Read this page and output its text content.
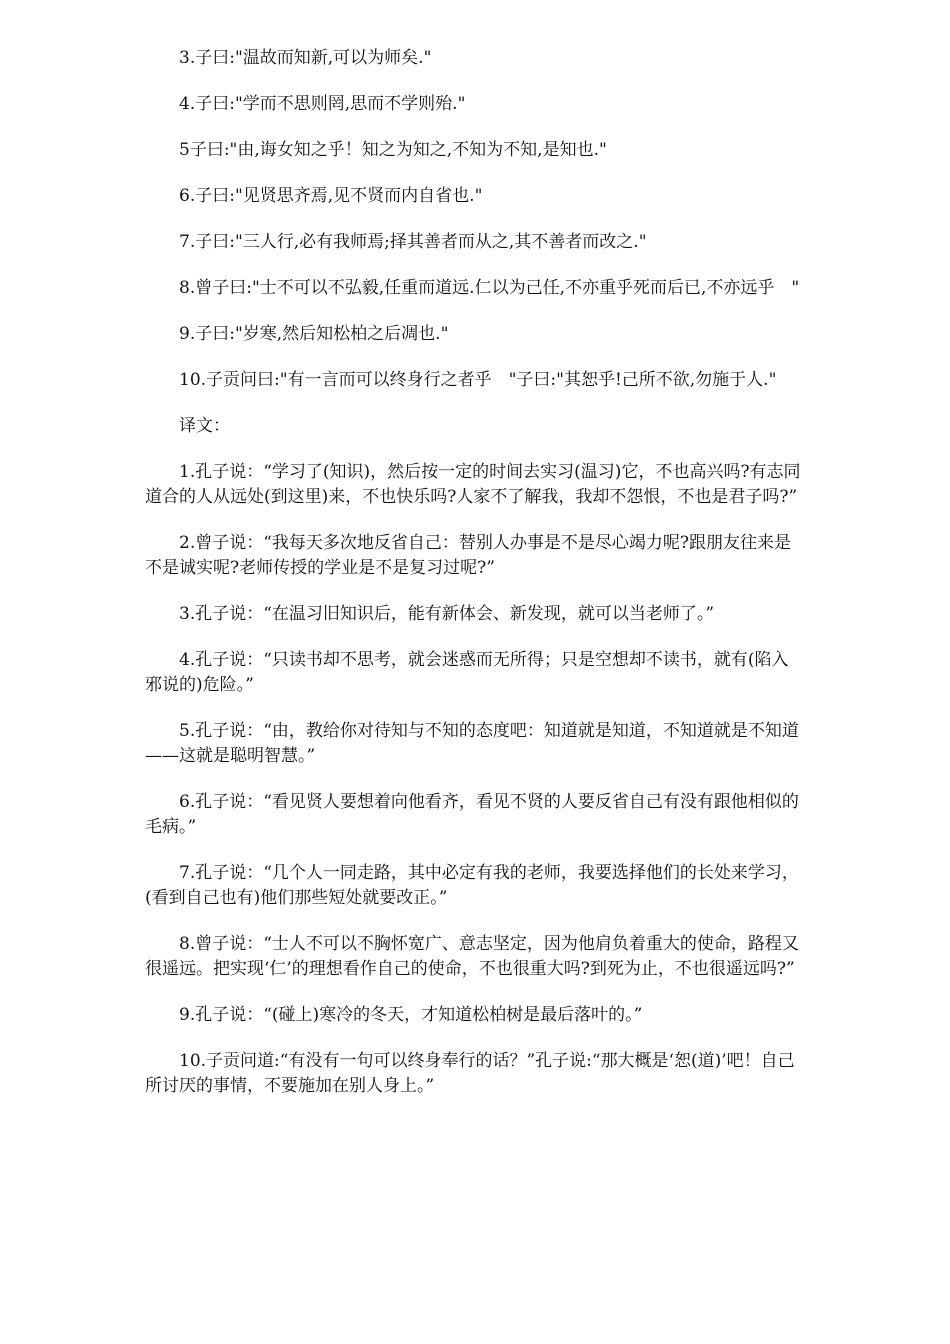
3.子曰:"温故而知新,可以为师矣."

4.子曰:"学而不思则罔,思而不学则殆."

5子曰:"由,诲女知之乎！知之为知之,不知为不知,是知也."

6.子曰:"见贤思齐焉,见不贤而内自省也."

7.子曰:"三人行,必有我师焉;择其善者而从之,其不善者而改之."

8.曾子曰:"士不可以不弘毅,任重而道远.仁以为己任,不亦重乎死而后已,不亦远乎　"

9.子曰:"岁寒,然后知松柏之后凋也."

10.子贡问曰:"有一言而可以终身行之者乎　"子曰:"其恕乎!己所不欲,勿施于人."

译文：

1.孔子说：“学习了(知识)，然后按一定的时间去实习(温习)它，不也高兴吗?有志同道合的人从远处(到这里)来，不也快乐吗?人家不了解我，我却不怨恨，不也是君子吗?”

2.曾子说：“我每天多次地反省自己：替别人办事是不是尽心竭力呢?跟朋友往来是不是诚实呢?老师传授的学业是不是复习过呢?”

3.孔子说：“在温习旧知识后，能有新体会、新发现，就可以当老师了。”

4.孔子说：“只读书却不思考，就会迷惑而无所得；只是空想却不读书，就有(陷入邪说的)危险。”

5.孔子说：“由，教给你对待知与不知的态度吧：知道就是知道，不知道就是不知道——这就是聪明智慧。”

6.孔子说：“看见贤人要想着向他看齐，看见不贤的人要反省自己有没有跟他相似的毛病。”

7.孔子说：“几个人一同走路，其中必定有我的老师，我要选择他们的长处来学习，(看到自己也有)他们那些短处就要改正。”

8.曾子说：“士人不可以不胸怀宽广、意志坚定，因为他肩负着重大的使命，路程又很遥远。把实现‘仁’的理想看作自己的使命，不也很重大吗?到死为止，不也很遥远吗?”

9.孔子说：“(碰上)寒冷的冬天，才知道松柏树是最后落叶的。”

10.子贡问道:“有没有一句可以终身奉行的话？”孔子说:“那大概是‘恕(道)’吧！自己所讨厌的事情，不要施加在别人身上。”
